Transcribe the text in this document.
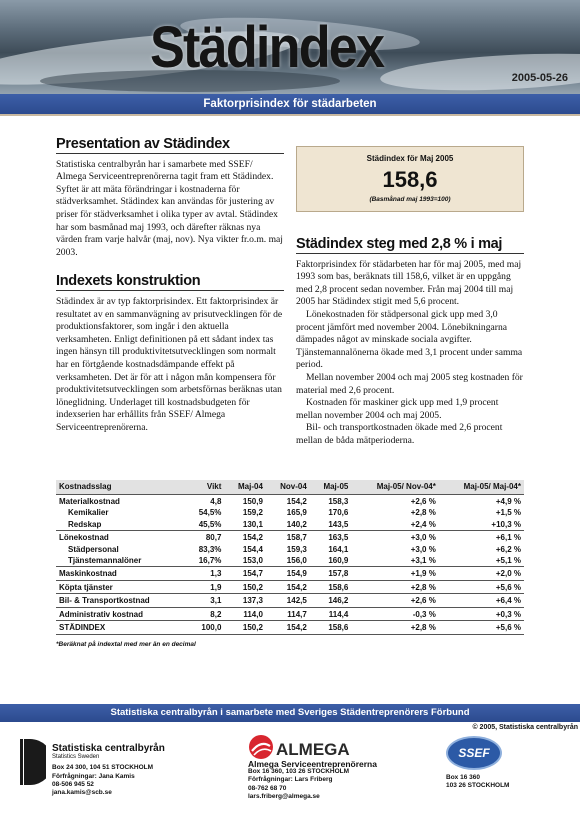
Städindex	2005-05-26
Faktorprisindex för städarbeten
Presentation av Städindex

Statistiska centralbyrån har i samarbete med SSEF/ Almega Serviceentreprenörerna tagit fram ett Städindex. Syftet är att mäta förändringar i kostnaderna för städverksamhet. Städindex kan användas för justering av priser för städverksamhet i olika typer av avtal. Städindex har som basmånad maj 1993, och därefter räknas nya värden fram varje halvår (maj, nov). Nya vikter fr.o.m. maj 2003.

Indexets konstruktion

Städindex är av typ faktorprisindex. Ett faktorprisindex är resultatet av en sammanvägning av prisutvecklingen för de produktionsfaktorer, som ingår i den aktuella verksamheten. Enligt definitionen på ett sådant index tas ingen hänsyn till produktivitetsutvecklingen som normalt har en förtgående kostnadsdämpande effekt på verksamheten. Det är för att i någon mån kompensera för produktivitetsutvecklingen som arbetsförnas beräknas utan löneglidning. Underlaget till kostnadsbudgeten för indexserien har erhållits från SSEF/ Almega Serviceentreprenörerna.

Städindex för Maj 2005
158,6
(Basmånad maj 1993=100)
Städindex steg med 2,8 % i maj

Faktorprisindex för städarbeten har för maj 2005, med maj 1993 som bas, beräknats till 158,6, vilket är en uppgång med 2,8 procent sedan november. Från maj 2004 till maj 2005 har Städindex stigit med 5,6 procent.

Lönekostnaden för städpersonal gick upp med 3,0 procent jämfört med november 2004. Lönebikningarna dämpades något av minskade sociala avgifter. Tjänstemannalönerna ökade med 3,1 procent under samma period.

Mellan november 2004 och maj 2005 steg kostnaden för material med 2,6 procent.

Kostnaden för maskiner gick upp med 1,9 procent mellan november 2004 och maj 2005.

Bil- och transportkostnaden ökade med 2,6 procent mellan de båda mätperioderna.

Kostnadsslag	Vikt	Maj-04	Nov-04	Maj-05	Maj-05/ Nov-04*	Maj-05/ Maj-04*
Materialkostnad	4,8	150,9	154,2	158,3	+2,6 %	+4,9 %
Kemikalier	54,5%	159,2	165,9	170,6	+2,8 %	+1,5 %
Redskap	45,5%	130,1	140,2	143,5	+2,4 %	+10,3 %
Lönekostnad	80,7	154,2	158,7	163,5	+3,0 %	+6,1 %
Städpersonal	83,3%	154,4	159,3	164,1	+3,0 %	+6,2 %
Tjänstemannalöner	16,7%	153,0	156,0	160,9	+3,1 %	+5,1 %
Maskinkostnad	1,3	154,7	154,9	157,8	+1,9 %	+2,0 %
Köpta tjänster	1,9	150,2	154,2	158,6	+2,8 %	+5,6 %
Bil- & Transportkostnad	3,1	137,3	142,5	146,2	+2,6 %	+6,4 %
Administrativ kostnad	8,2	114,0	114,7	114,4	-0,3 %	+0,3 %
STÄDINDEX	100,0	150,2	154,2	158,6	+2,8 %	+5,6 %
*Beräknat på indextal med mer än en decimal
Statistiska centralbyrån i samarbete med Sveriges Städentreprenörers Förbund
© 2005, Statistiska centralbyrån
Statistiska centralbyrån
Statistics Sweden
Box 24 300, 104 51 STOCKHOLM
Förfrågningar: Jana Kamis
08-506 945 52
jana.kamis@scb.se
ALMEGA
Almega Serviceentreprenörerna
Box 16 360, 103 26 STOCKHOLM
Förfrågningar: Lars Friberg
08-762 68 70
lars.friberg@almega.se
SSEF
Box 16 360
103 26 STOCKHOLM
